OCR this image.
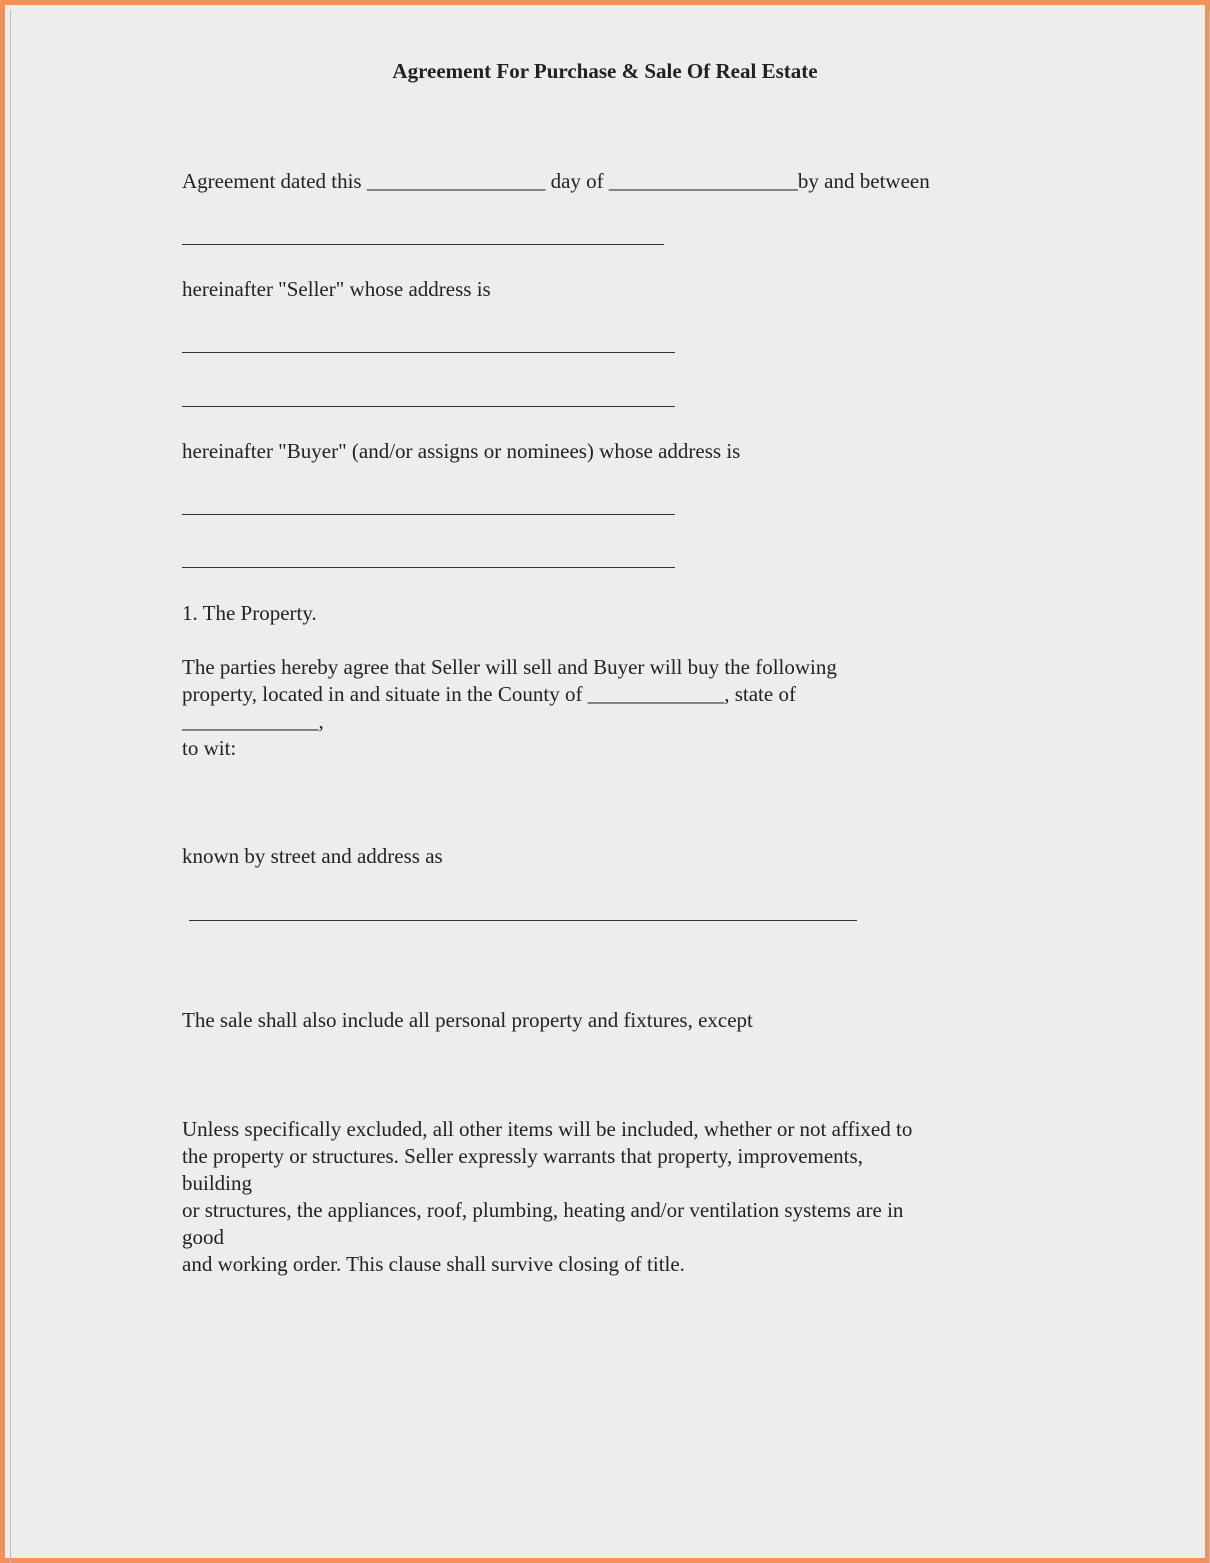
Agreement For Purchase & Sale Of Real Estate

Agreement dated this _________________ day of __________________by and between

hereinafter "Seller" whose address is

hereinafter "Buyer" (and/or assigns or nominees) whose address is

1. The Property.

The parties hereby agree that Seller will sell and Buyer will buy the following

property, located in and situate in the County of _____________, state of

_____________,

to wit:

known by street and address as

The sale shall also include all personal property and fixtures, except

Unless specifically excluded, all other items will be included, whether or not affixed to

the property or structures. Seller expressly warrants that property, improvements,

building

or structures, the appliances, roof, plumbing, heating and/or ventilation systems are in

good

and working order. This clause shall survive closing of title.
